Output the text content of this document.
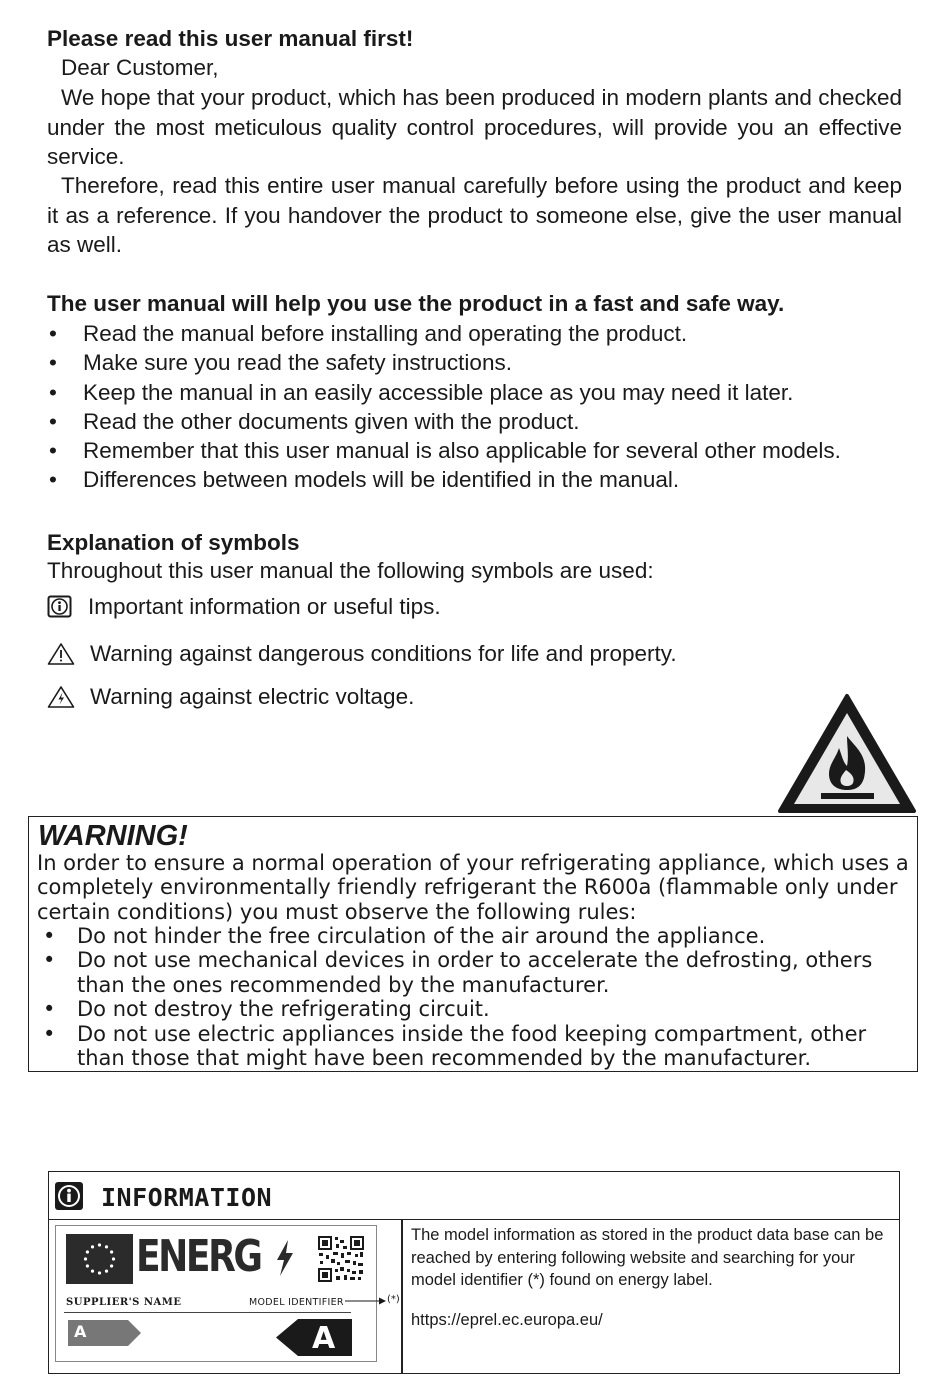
Please read this user manual first!
Dear Customer,
We hope that your product, which has been produced in modern plants and checked under the most meticulous quality control procedures, will provide you an effective service.
Therefore, read this entire user manual carefully before using the product and keep it as a reference. If you handover the product to someone else, give the user manual as well.
The user manual will help you use the product in a fast and safe way.
• Read the manual before installing and operating the product.
• Make sure you read the safety instructions.
• Keep the manual in an easily accessible place as you may need it later.
• Read the other documents given with the product.
• Remember that this user manual is also applicable for several other models.
• Differences between models will be identified in the manual.
Explanation of symbols
Throughout this user manual the following symbols are used:
Important information or useful tips.
Warning against dangerous conditions for life and property.
Warning against electric voltage.
WARNING!
In order to ensure a normal operation of your refrigerating appliance, which uses a completely environmentally friendly refrigerant the R600a (flammable only under certain conditions) you must observe the following rules:
• Do not hinder the free circulation of the air around the appliance.
• Do not use mechanical devices in order to accelerate the defrosting, others than the ones recommended by the manufacturer.
• Do not destroy the refrigerating circuit.
• Do not use electric appliances inside the food keeping compartment, other than those that might have been recommended by the manufacturer.
INFORMATION
ENERG
SUPPLIER'S NAME	MODEL IDENTIFIER
A	A
(*)
The model information as stored in the product data base can be reached by entering following website and searching for your model identifier (*) found on energy label.
https://eprel.ec.europa.eu/
